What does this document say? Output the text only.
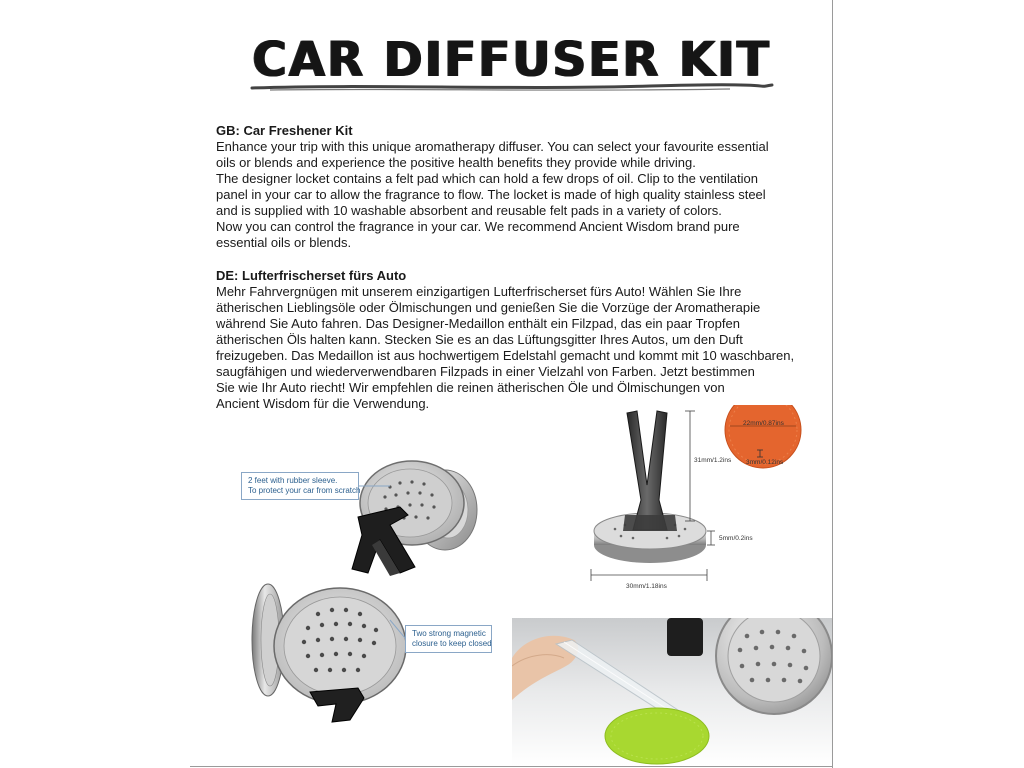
CAR DIFFUSER KIT
GB: Car Freshener Kit
Enhance your trip with this unique aromatherapy diffuser. You can select your favourite essential
oils or blends and experience the positive health benefits they provide while driving.
The designer locket contains a felt pad which can hold a few drops of oil. Clip to the ventilation
panel in your car to allow the fragrance to flow. The locket is made of high quality stainless steel
and is supplied with 10 washable absorbent and reusable felt pads in a variety of colors.
Now you can control the fragrance in your car. We recommend Ancient Wisdom brand pure
essential oils or blends.
DE: Lufterfrischerset fürs Auto
Mehr Fahrvergnügen mit unserem einzigartigen Lufterfrischerset fürs Auto! Wählen Sie Ihre
ätherischen Lieblingsöle oder Ölmischungen und genießen Sie die Vorzüge der Aromatherapie
während Sie Auto fahren. Das Designer-Medaillon enthält ein Filzpad, das ein paar Tropfen
ätherischen Öls halten kann. Stecken Sie es an das Lüftungsgitter Ihres Autos, um den Duft
freizugeben. Das Medaillon ist aus hochwertigem Edelstahl gemacht und kommt mit 10 waschbaren,
saugfähigen und wiederverwendbaren Filzpads in einer Vielzahl von Farben. Jetzt bestimmen
Sie wie Ihr Auto riecht! Wir empfehlen die reinen ätherischen Öle und Ölmischungen von
Ancient Wisdom für die Verwendung.
2 feet with rubber sleeve.
To protect your car from scratch
22mm/0.87ins
3mm/0.12ins
31mm/1.2ins
5mm/0.2ins
30mm/1.18ins
Two strong magnetic
closure to keep closed
